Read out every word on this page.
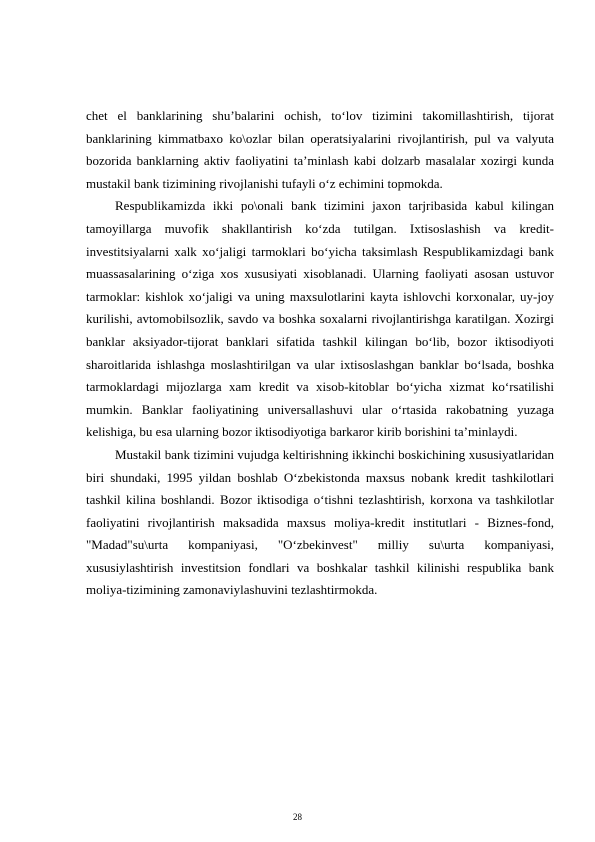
chet el banklarining shu’balarini ochish, to‘lov tizimini takomillashtirish, tijorat banklarining kimmatbaxo ko\ozlar bilan operatsiyalarini rivojlantirish, pul va valyuta bozorida banklarning aktiv faoliyatini ta’minlash kabi dolzarb masalalar xozirgi kunda mustakil bank tizimining rivojlanishi tufayli o‘z echimini topmokda.

Respublikamizda ikki po\onali bank tizimini jaxon tarjribasida kabul kilingan tamoyillarga muvofik shakllantirish ko‘zda tutilgan. Ixtisoslashish va kredit-investitsiyalarni xalk xo‘jaligi tarmoklari bo‘yicha taksimlash Respublikamizdagi bank muassasalarining o‘ziga xos xususiyati xisoblanadi. Ularning faoliyati asosan ustuvor tarmoklar: kishlok xo‘jaligi va uning maxsulotlarini kayta ishlovchi korxonalar, uy-joy kurilishi, avtomobilsozlik, savdo va boshka soxalarni rivojlantirishga karatilgan. Xozirgi banklar aksiyador-tijorat banklari sifatida tashkil kilingan bo‘lib, bozor iktisodiyoti sharoitlarida ishlashga moslashtirilgan va ular ixtisoslashgan banklar bo‘lsada, boshka tarmoklardagi mijozlarga xam kredit va xisob-kitoblar bo‘yicha xizmat ko‘rsatilishi mumkin. Banklar faoliyatining universallashuvi ular o‘rtasida rakobatning yuzaga kelishiga, bu esa ularning bozor iktisodiyotiga barkaror kirib borishini ta’minlaydi.

Mustakil bank tizimini vujudga keltirishning ikkinchi boskichining xususiyatlaridan biri shundaki, 1995 yildan boshlab O‘zbekistonda maxsus nobank kredit tashkilotlari tashkil kilina boshlandi. Bozor iktisodiga o‘tishni tezlashtirish, korxona va tashkilotlar faoliyatini rivojlantirish maksadida maxsus moliya-kredit institutlari - Biznes-fond, "Madad"su\urta kompaniyasi, "O‘zbekinvest" milliy su\urta kompaniyasi, xususiylashtirish investitsion fondlari va boshkalar tashkil kilinishi respublika bank moliya-tizimining zamonaviylashuvini tezlashtirmokda.

28
